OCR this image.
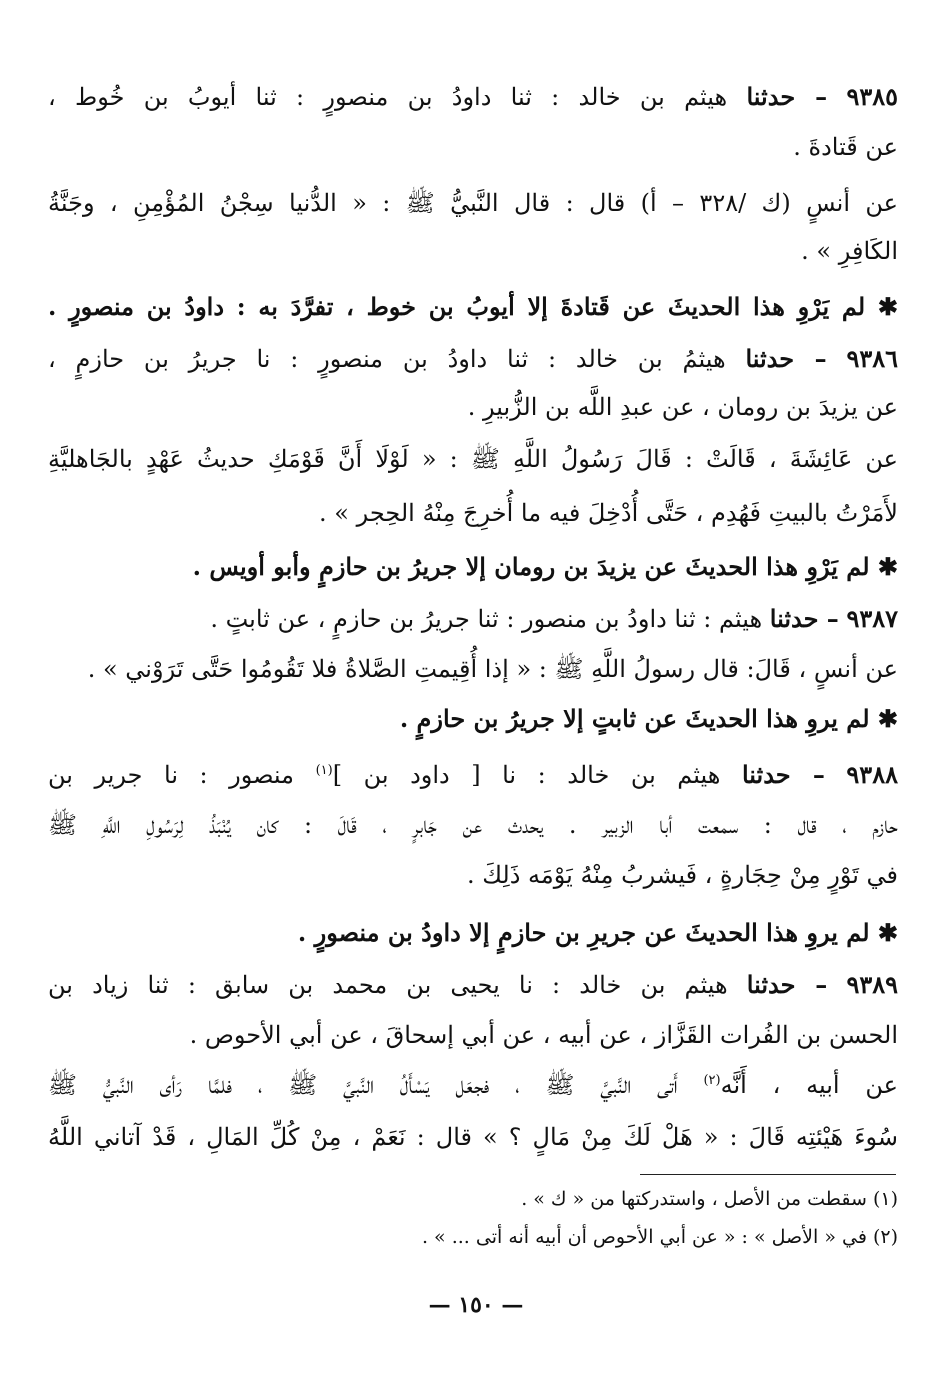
٩٣٨٥ – حدثنا هيثم بن خالد : ثنا داودُ بن منصورٍ : ثنا أيوبُ بن خُوط ،
عن قَتادةَ .
عن أنسٍ (ك /٣٢٨ – أ) قال : قال النَّبيُّ ﷺ : « الدُّنيا سِجْنُ المُؤْمِنِ ، وجَنَّةُ
الكَافِرِ » .
✱ لم يَرْوِ هذا الحديثَ عن قَتادةَ إلا أيوبُ بن خوط ، تفرَّدَ به : داودُ بن منصورٍ .
٩٣٨٦ – حدثنا هيثمُ بن خالد : ثنا داودُ بن منصورٍ : نا جريرُ بن حازمٍ ،
عن يزيدَ بن رومان ، عن عبدِ اللَّه بن الزُّبيرِ .
عن عَائِشَةَ ، قَالَتْ : قَالَ رَسُولُ اللَّهِ ﷺ : « لَوْلَا أَنَّ قَوْمَكِ حديثُ عَهْدٍ بالجَاهليَّةِ
لأَمَرْتُ بالبيتِ فَهُدِم ، حَتَّى أُدْخِلَ فيه ما أُخرِجَ مِنْهُ الحِجر » .
✱ لم يَرْوِ هذا الحديثَ عن يزيدَ بن رومان إلا جريرُ بن حازمٍ وأبو أويس .
٩٣٨٧ – حدثنا هيثم : ثنا داودُ بن منصور : ثنا جريرُ بن حازمٍ ، عن ثابتٍ .
عن أنسٍ ، قَالَ: قال رسولُ اللَّهِ ﷺ : « إذا أُقِيمتِ الصَّلاةُ فلا تَقُومُوا حَتَّى تَرَوْني » .
✱ لم يروِ هذا الحديثَ عن ثابتٍ إلا جريرُ بن حازمٍ .
٩٣٨٨ – حدثنا هيثم بن خالد : نا [ داود بن ]$^{(١)}$ منصور : نا جرير بن
حازم ، قال : سمعت أبا الزبير . يحدث عن جَابرٍ ، قَالَ : كان يُنْبَذُ لِرَسُولِ اللَّهِ ﷺ
في تَوْرٍ مِنْ حِجَارةٍ ، فَيشربُ مِنْهُ يَوْمَه ذَلِكَ .
✱ لم يروِ هذا الحديثَ عن جريرِ بن حازمٍ إلا داودُ بن منصورٍ .
٩٣٨٩ – حدثنا هيثم بن خالد : نا يحيى بن محمد بن سابق : ثنا زياد بن
الحسن بن الفُرات القَزَّاز ، عن أبيه ، عن أبي إسحاقَ ، عن أبي الأحوص .
عن أبيه ، أَنَّه$^{(٢)}$ أَتى النَّبيَّ ﷺ ، فجعَل يَسْأَلُ النَّبيَّ ﷺ ، فلمَّا رَأى النَّبيُّ ﷺ
سُوءَ هَيْئتِه قَالَ : « هَلْ لَكَ مِنْ مَالٍ ؟ » قال : نَعَمْ ، مِنْ كُلِّ المَالِ ، قَدْ آتاني اللَّهُ
(١) سقطت من الأصل ، واستدركتها من « ك » .
(٢) في « الأصل » : « عن أبي الأحوص أن أبيه أنه أتى ... » .
— ١٥٠ —
